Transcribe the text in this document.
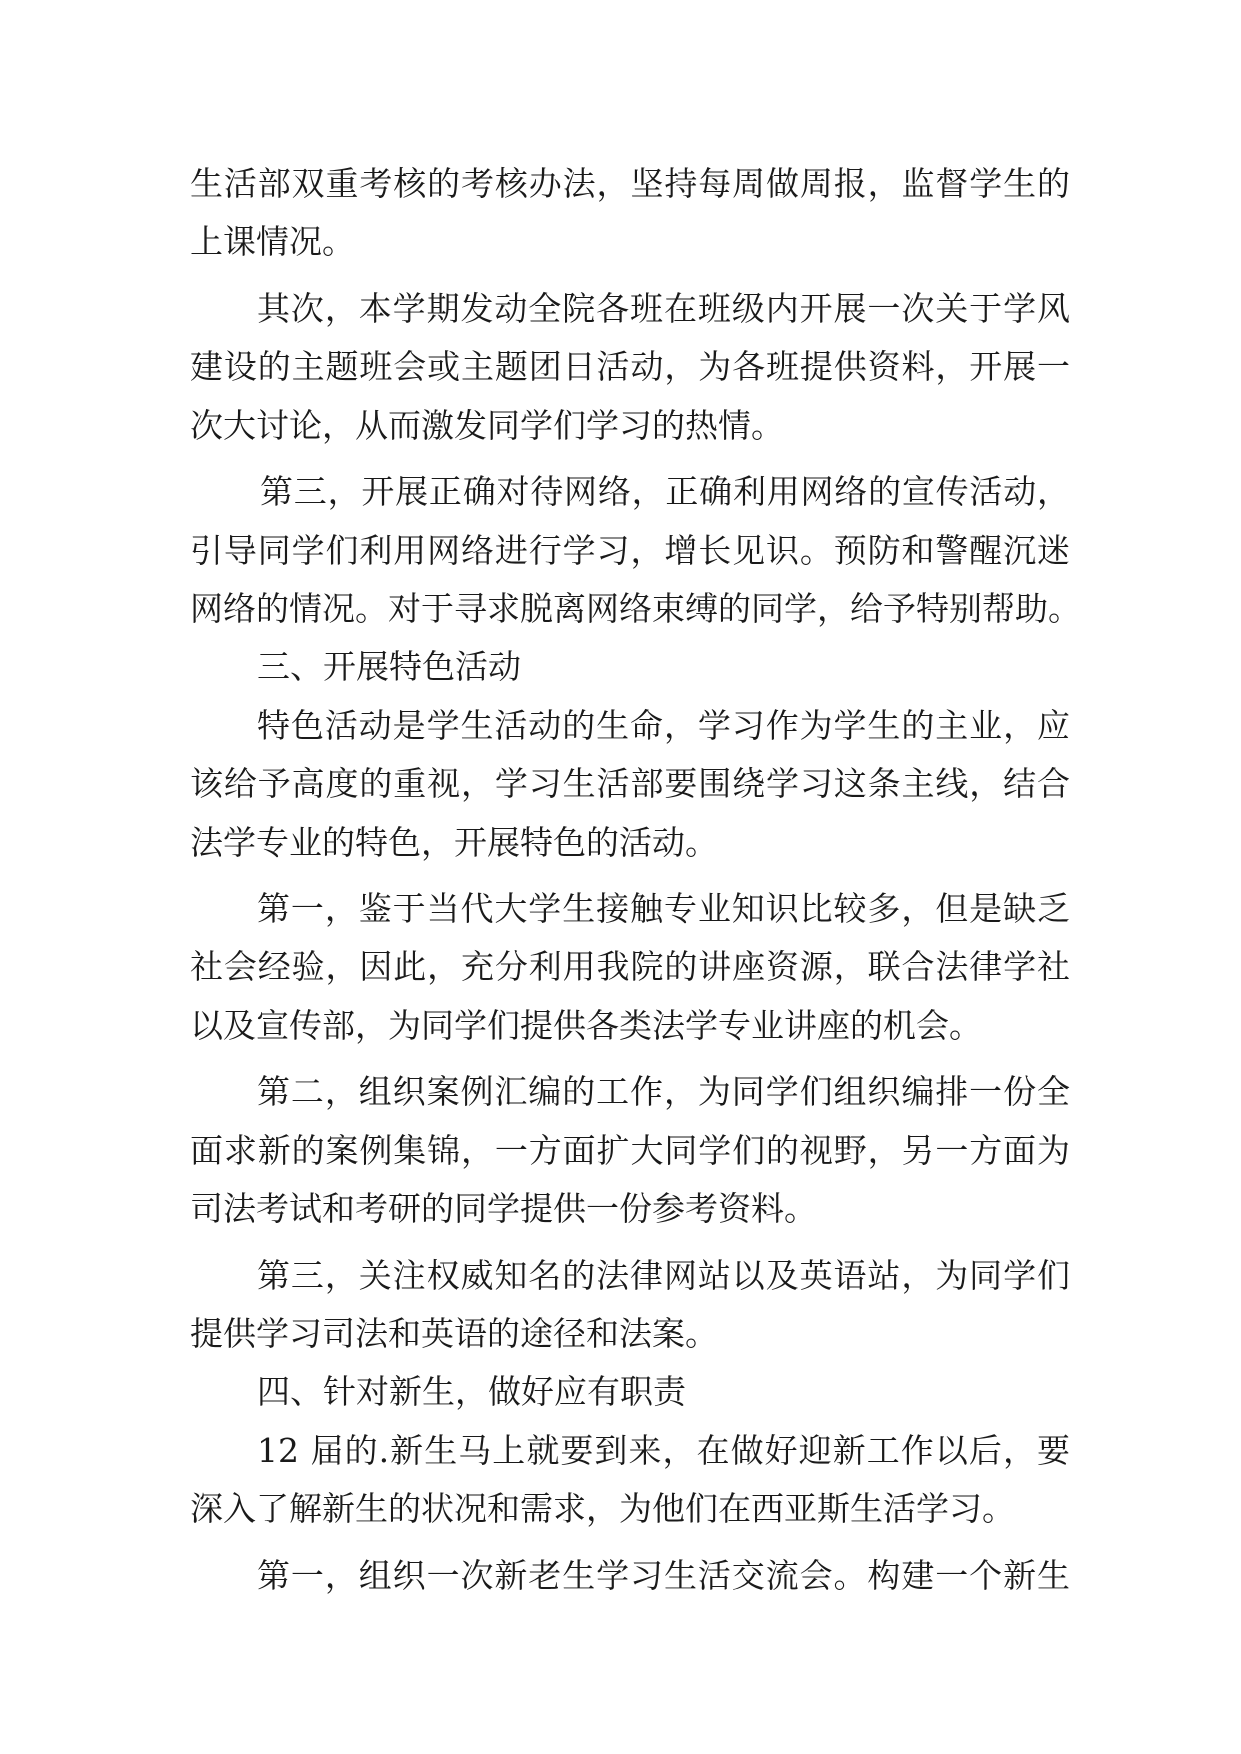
生活部双重考核的考核办法，坚持每周做周报，监督学生的
上课情况。
其次，本学期发动全院各班在班级内开展一次关于学风
建设的主题班会或主题团日活动，为各班提供资料，开展一
次大讨论，从而激发同学们学习的热情。
第三，开展正确对待网络，正确利用网络的宣传活动，
引导同学们利用网络进行学习，增长见识。预防和警醒沉迷
网络的情况。对于寻求脱离网络束缚的同学，给予特别帮助。
三、开展特色活动
特色活动是学生活动的生命，学习作为学生的主业，应
该给予高度的重视，学习生活部要围绕学习这条主线，结合
法学专业的特色，开展特色的活动。
第一，鉴于当代大学生接触专业知识比较多，但是缺乏
社会经验，因此，充分利用我院的讲座资源，联合法律学社
以及宣传部，为同学们提供各类法学专业讲座的机会。
第二，组织案例汇编的工作，为同学们组织编排一份全
面求新的案例集锦，一方面扩大同学们的视野，另一方面为
司法考试和考研的同学提供一份参考资料。
第三，关注权威知名的法律网站以及英语站，为同学们
提供学习司法和英语的途径和法案。
四、针对新生，做好应有职责
12 届的.新生马上就要到来，在做好迎新工作以后，要
深入了解新生的状况和需求，为他们在西亚斯生活学习。
第一，组织一次新老生学习生活交流会。构建一个新生
